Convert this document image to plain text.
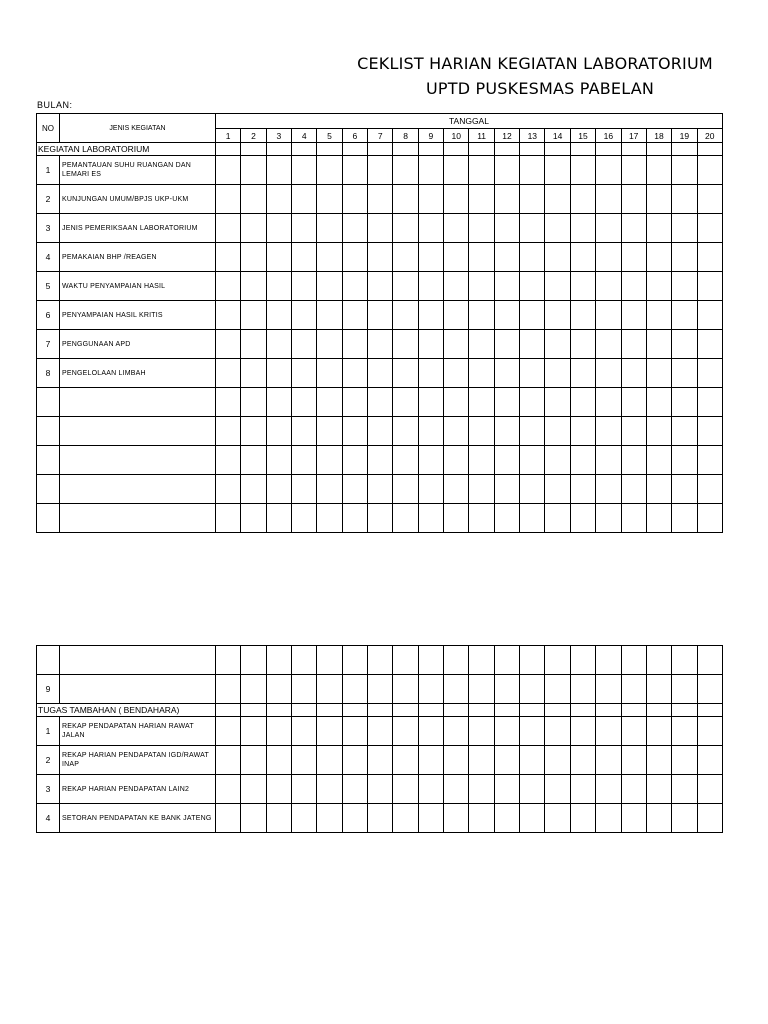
CEKLIST HARIAN KEGIATAN LABORATORIUM
UPTD PUSKESMAS PABELAN
BULAN:
NO	JENIS KEGIATAN	TANGGAL																			
		1	2	3	4	5	6	7	8	9	10	11	12	13	14	15	16	17	18	19	20
KEGIATAN LABORATORIUM																					
1	PEMANTAUAN SUHU RUANGAN DAN LEMARI ES																				
2	KUNJUNGAN UMUM/BPJS UKP-UKM																				
3	JENIS PEMERIKSAAN LABORATORIUM																				
4	PEMAKAIAN BHP /REAGEN																				
5	WAKTU PENYAMPAIAN HASIL																				
6	PENYAMPAIAN HASIL KRITIS																				
7	PENGGUNAAN APD																				
8	PENGELOLAAN LIMBAH																				

9																					
TUGAS TAMBAHAN ( BENDAHARA)																					
1	REKAP PENDAPATAN HARIAN RAWAT JALAN																				
2	REKAP HARIAN PENDAPATAN IGD/RAWAT INAP																				
3	REKAP HARIAN PENDAPATAN LAIN2																				
4	SETORAN PENDAPATAN KE BANK JATENG																				
